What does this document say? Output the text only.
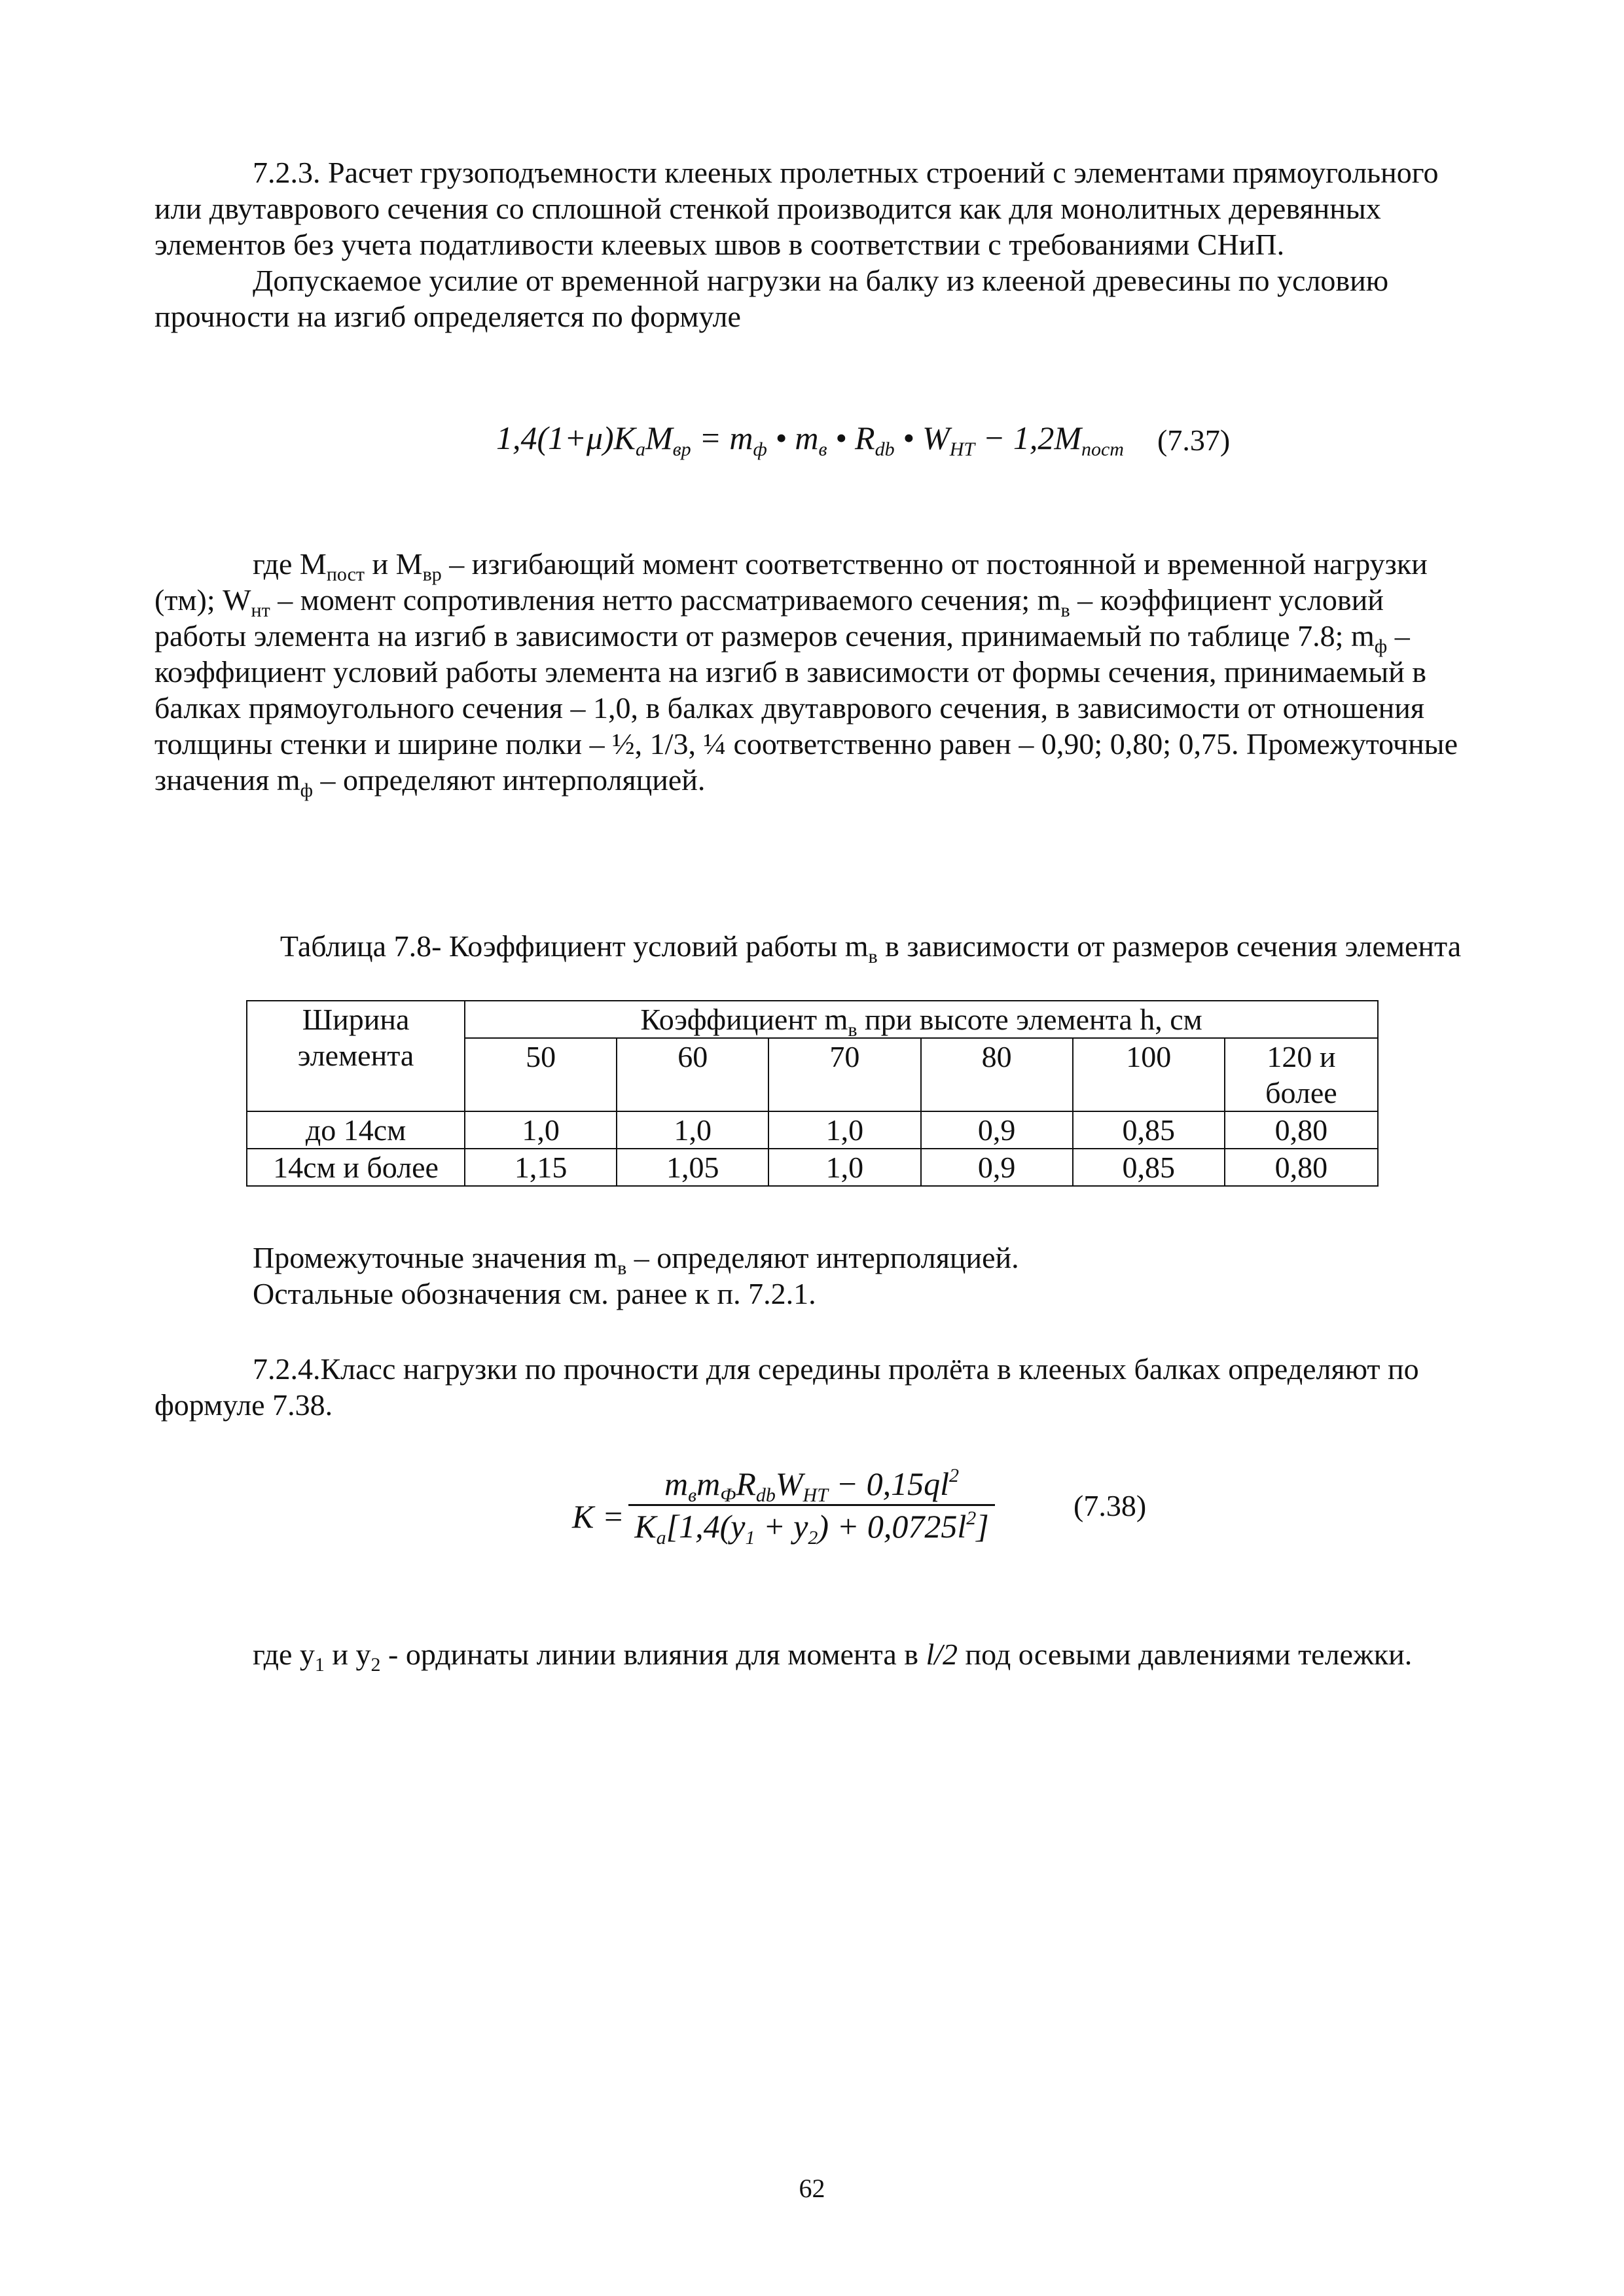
7.2.3. Расчет грузоподъемности клееных пролетных строений с элементами прямоугольного или двутаврового сечения со сплошной стенкой производится как для монолитных деревянных элементов без учета податливости клеевых швов в соответствии с требованиями СНиП.

Допускаемое усилие от временной нагрузки на балку из клееной древесины по условию прочности на изгиб определяется по формуле

$1,4(1+\mu)K_аM_{вр} = m_ф$ • $m_в$ • $R_{db}$ • $W_{НТ} - 1,2M_{пост}$ (7.37)

где $M_{пост}$ и $M_{вр}$ – изгибающий момент соответственно от постоянной и временной нагрузки (тм); $W_{нт}$ – момент сопротивления нетто рассматриваемого сечения; $m_в$ – коэффициент условий работы элемента на изгиб в зависимости от размеров сечения, принимаемый по таблице 7.8; $m_ф$ – коэффициент условий работы элемента на изгиб в зависимости от формы сечения, принимаемый в балках прямоугольного сечения – 1,0, в балках двутаврового сечения, в зависимости от отношения толщины стенки и ширине полки – ½, 1/3, ¼ соответственно равен – 0,90; 0,80; 0,75. Промежуточные значения $m_ф$ – определяют интерполяцией.

Таблица 7.8- Коэффициент условий работы $m_в$ в зависимости от размеров сечения элемента
Ширина элемента	Коэффициент $m_в$ при высоте элемента h, см					
	50	60	70	80	100	120 и более
до 14см	1,0	1,0	1,0	0,9	0,85	0,80
14см и более	1,15	1,05	1,0	0,9	0,85	0,80

Промежуточные значения $m_в$ – определяют интерполяцией.

Остальные обозначения см. ранее к п. 7.2.1.

7.2.4.Класс нагрузки по прочности для середины пролёта в клееных балках определяют по формуле 7.38.

K =
$m_вm_ФR_{db}W_{НТ} - 0,15ql^2$
$K_а[1,4(y_1 + y_2) + 0,0725l^2]$
(7.38)

где $y_1$ и $y_2$ - ординаты линии влияния для момента в l/2 под осевыми давлениями тележки.

62
